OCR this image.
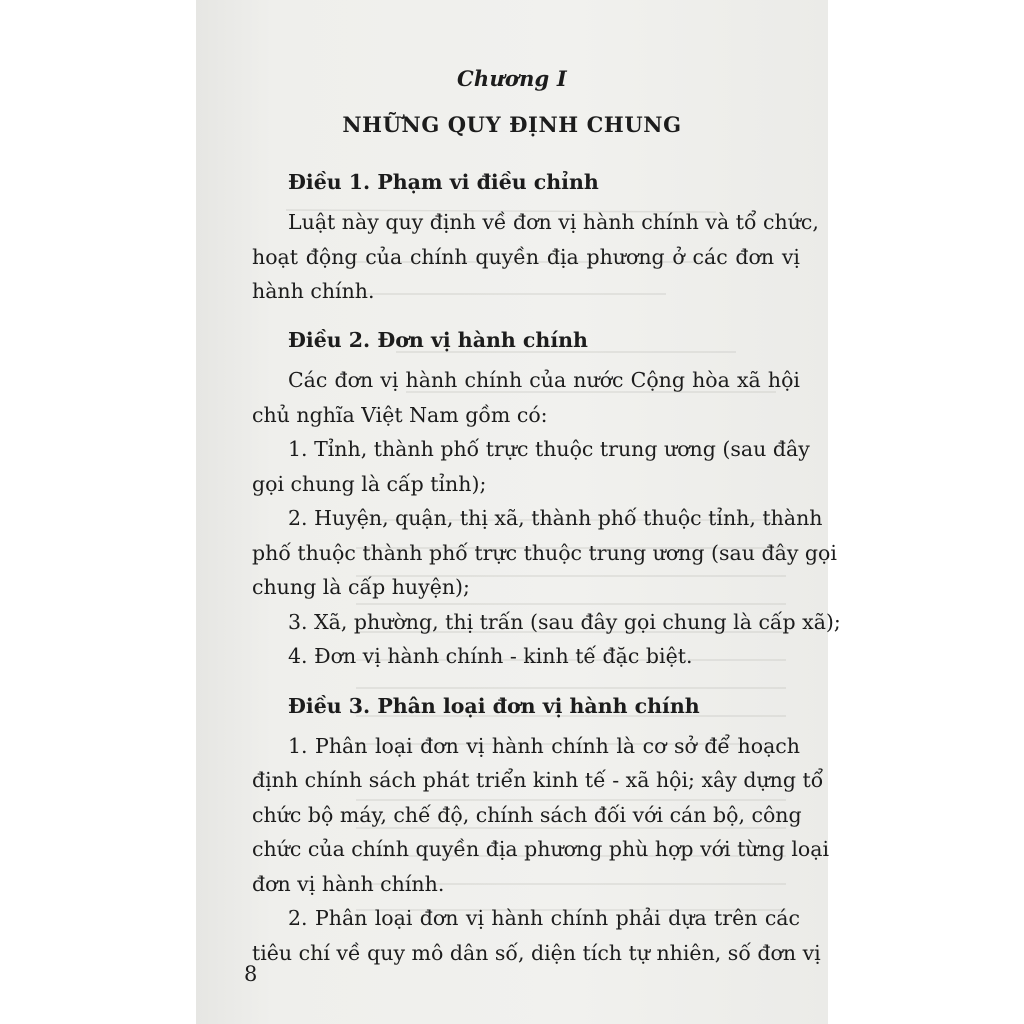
Chương I
NHỮNG QUY ĐỊNH CHUNG
Điều 1. Phạm vi điều chỉnh
Luật này quy định về đơn vị hành chính và tổ chức,
hoạt động của chính quyền địa phương ở các đơn vị
hành chính.
Điều 2. Đơn vị hành chính
Các đơn vị hành chính của nước Cộng hòa xã hội
chủ nghĩa Việt Nam gồm có:
1. Tỉnh, thành phố trực thuộc trung ương (sau đây
gọi chung là cấp tỉnh);
2. Huyện, quận, thị xã, thành phố thuộc tỉnh, thành
phố thuộc thành phố trực thuộc trung ương (sau đây gọi
chung là cấp huyện);
3. Xã, phường, thị trấn (sau đây gọi chung là cấp xã);
4. Đơn vị hành chính - kinh tế đặc biệt.
Điều 3. Phân loại đơn vị hành chính
1. Phân loại đơn vị hành chính là cơ sở để hoạch
định chính sách phát triển kinh tế - xã hội; xây dựng tổ
chức bộ máy, chế độ, chính sách đối với cán bộ, công
chức của chính quyền địa phương phù hợp với từng loại
đơn vị hành chính.
2. Phân loại đơn vị hành chính phải dựa trên các
tiêu chí về quy mô dân số, diện tích tự nhiên, số đơn vị
8
